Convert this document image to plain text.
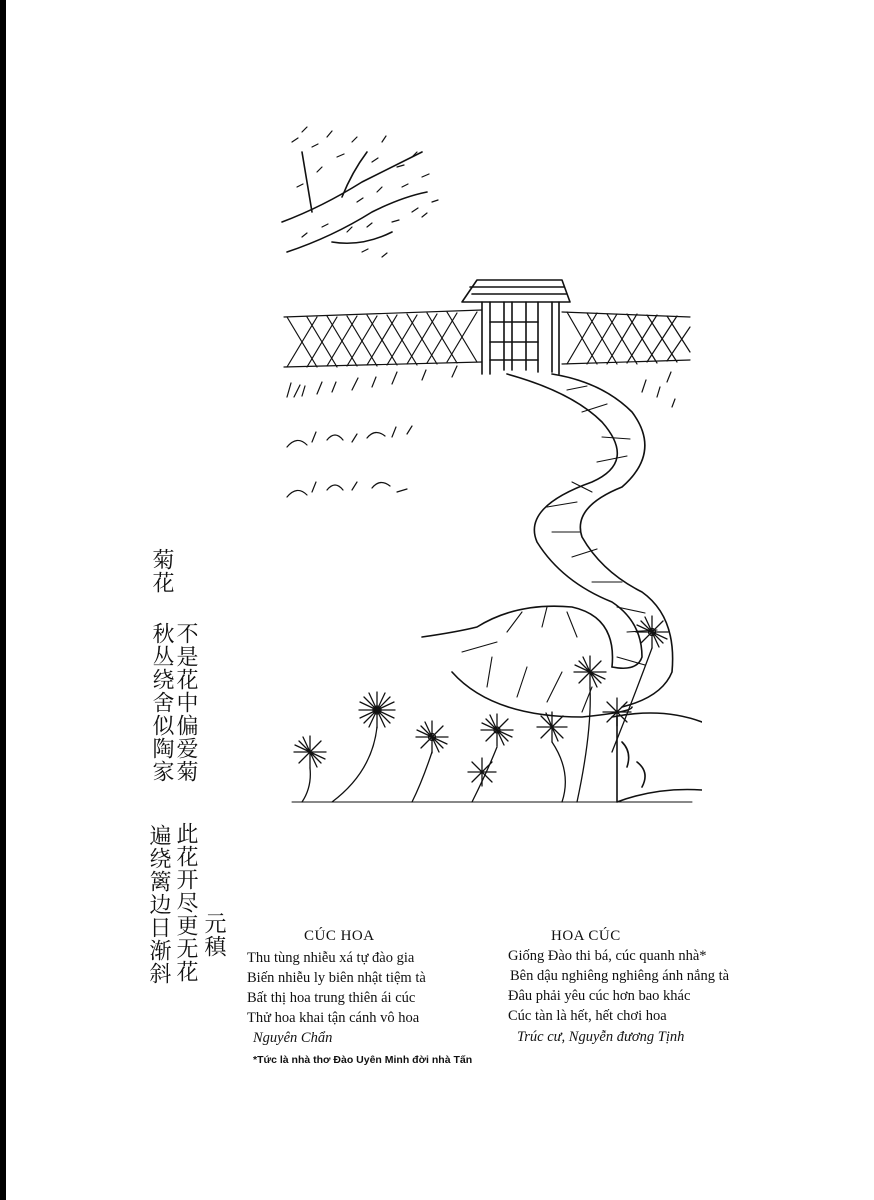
菊花
不是花中偏爱菊
秋丛绕舍似陶家
此花开尽更无花
遍绕篱边日渐斜 元稹	CÚC HOA
Thu tùng nhiễu xá tự đào gia
Biến nhiễu ly biên nhật tiệm tà
Bất thị hoa trung thiên ái cúc
Thử hoa khai tận cánh vô hoa
Nguyên Chẩn
*Tức là nhà thơ Đào Uyên Minh đời nhà Tấn
HOA CÚC
Giống Đào thi bá, cúc quanh nhà*
Bên dậu nghiêng nghiêng ánh nắng tà
Đâu phải yêu cúc hơn bao khác
Cúc tàn là hết, hết chơi hoa
Trúc cư, Nguyễn đương Tịnh
